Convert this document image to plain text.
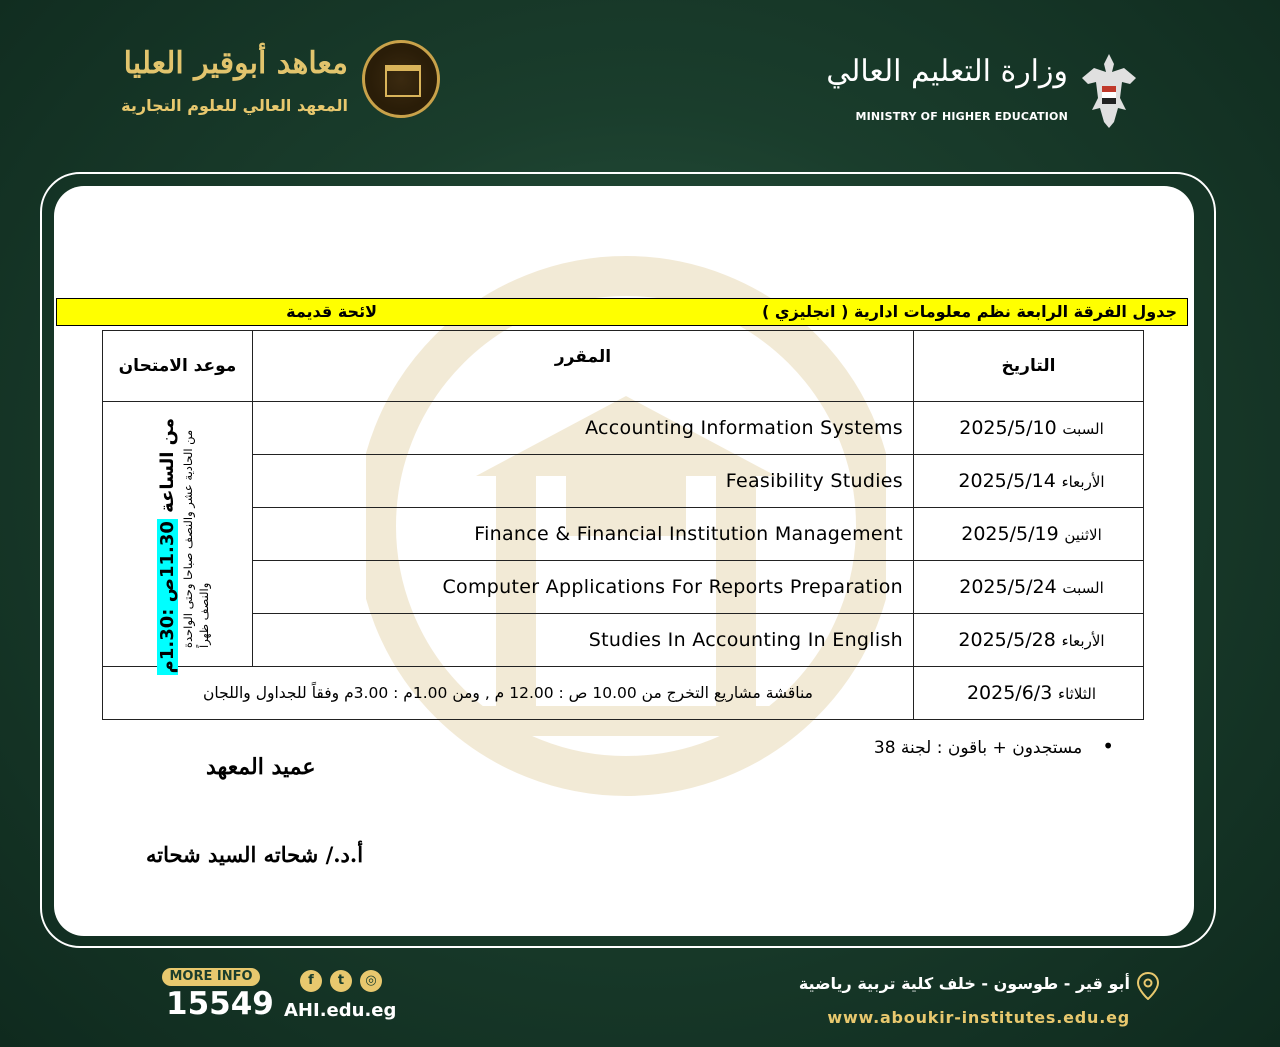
معاهد أبوقير العليا
المعهد العالي للعلوم التجارية
وزارة التعليم العالي
MINISTRY OF HIGHER EDUCATION
جدول الفرقة الرابعة نظم معلومات ادارية ( انجليزي )
لائحة قديمة
التاريخ	المقرر	موعد الامتحان
السبت 2025/5/10	Accounting Information Systems	من الساعة 11.30ص :1.30م من الحادية عشر والنصف صباحا وحتى الواحدة والنصف ظهراً

الأربعاء 2025/5/14	Feasibility Studies	
الاثنين 2025/5/19	Finance & Financial Institution Management	
السبت 2025/5/24	Computer Applications For Reports Preparation	
الأربعاء 2025/5/28	Studies In Accounting In English	
الثلاثاء 2025/6/3	مناقشة مشاريع التخرج من 10.00 ص : 12.00 م , ومن 1.00م : 3.00م وفقاً للجداول واللجان	
•مستجدون + باقون : لجنة 38
عميد المعهد
أ.د./ شحاته السيد شحاته
MORE INFO
15549
f	t	◎
AHI.edu.eg
أبو قير - طوسون - خلف كلية تربية رياضية
www.aboukir-institutes.edu.eg
